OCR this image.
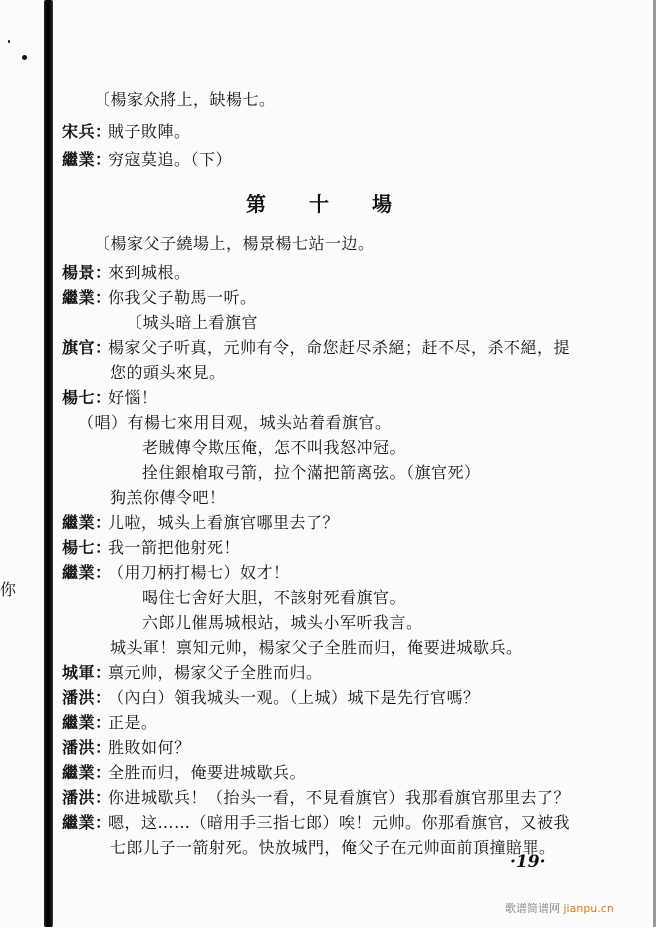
你
〔楊家众將上，缺楊七。
宋兵：賊子敗陣。
繼業：穷寇莫追。（下）
〔楊家父子繞場上，楊景楊七站一边。
楊景：來到城根。
繼業：你我父子勒馬一听。
〔城头暗上看旗官
旗官：楊家父子听真，元帅有令，命您赶尽杀絕；赶不尽，杀不絕，提
您的頭头來見。
楊七：好惱！
（唱）有楊七來用目观，城头站着看旗官。
老賊傳令欺压俺，怎不叫我怒冲冠。
拴住銀槍取弓箭，拉个滿把箭离弦。（旗官死）
狗羔你傳令吧！
繼業：儿啦，城头上看旗官哪里去了？
楊七：我一箭把他射死！
繼業：（用刀柄打楊七）奴才！
喝住七舍好大胆，不該射死看旗官。
六郎儿催馬城根站，城头小军听我言。
城头軍！禀知元帅，楊家父子全胜而归，俺要进城歇兵。
城軍：禀元帅，楊家父子全胜而归。
潘洪：（內白）領我城头一观。（上城）城下是先行官嗎？
繼業：正是。
潘洪：胜敗如何？
繼業：全胜而归，俺要进城歇兵。
潘洪：你进城歇兵！（抬头一看，不見看旗官）我那看旗官那里去了？
繼業：嗯，这……（暗用手三指七郎）唉！元帅。你那看旗官，又被我
七郎儿子一箭射死。快放城門，俺父子在元帅面前頂撞賠罪。
第 十 場
·19·
歌谱简谱网 jianpu.cn
